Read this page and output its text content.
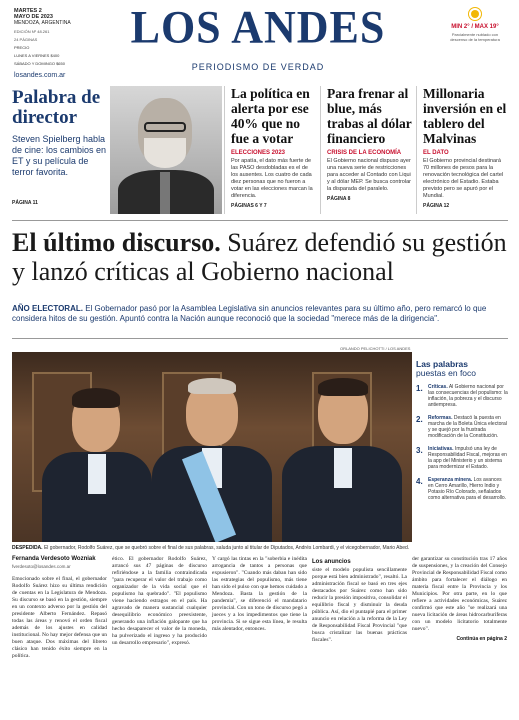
MARTES 2
MAYO DE 2023
MENDOZA, ARGENTINA
EDICIÓN Nº 48.261
24 PÁGINAS
PRECIO
LUNES A VIERNES $400
SÁBADO Y DOMINGO $650
LOS ANDES
PERIODISMO DE VERDAD
losandes.com.ar
MIN 2° / MAX 19°
Parcialmente nublado con descenso de la temperatura
Palabra de director
Steven Spielberg habla de cine: los cambios en ET y su película de terror favorita.
PÁGINA 11
La política en alerta por ese 40% que no fue a votar
ELECCIONES 2023
Por apatía, el dato más fuerte de las PASO desdobladas es el de los ausentes. Los cuatro de cada diez personas que no fueron a votar en las elecciones marcan la diferencia.
PÁGINAS 6 Y 7
Para frenar al blue, más trabas al dólar financiero
CRISIS DE LA ECONOMÍA
El Gobierno nacional dispuso ayer una nueva serie de restricciones para acceder al Contado con Liqui y al dólar MEP. Se busca controlar la disparada del paralelo.
PÁGINA 8
Millonaria inversión en el tablero del Malvinas
EL DATO
El Gobierno provincial destinará 70 millones de pesos para la renovación tecnológica del cartel electrónico del Estadio. Estaba previsto pero se apuró por el Mundial.
PÁGINA 12
El último discurso. Suárez defendió su gestión y lanzó críticas al Gobierno nacional
AÑO ELECTORAL. El Gobernador pasó por la Asamblea Legislativa sin anuncios relevantes para su último año, pero remarcó lo que considera hitos de su gestión. Apuntó contra la Nación aunque reconoció que la sociedad "merece más de la dirigencia".
ORLANDO PELICHOTTI / LOS ANDES
Las palabras
puestas en foco
1. Críticas. Al Gobierno nacional por las consecuencias del populismo: la inflación, la pobreza y el discurso antiempresa.
2. Reformas. Destacó la puesta en marcha de la Boleta Única electoral y se quejó por la frustrada modificación de la Constitución.
3. Iniciativas. Impulsó una ley de Responsabilidad Fiscal, mejoras en la app del Ministerio y un sistema para modernizar el Estado.
4. Esperanza minera. Los avances en Cerro Amarillo, Hierro Indio y Potasio Río Colorado, señalados como alternativa para el desarrollo.
DESPEDIDA. El gobernador, Rodolfo Suárez, que se quebró sobre el final de sus palabras, saluda junto al titular de Diputados, Andrés Lombardi, y el vicegobernador, Mario Abed.
Fernanda Verdesoto Wozniak
fverdesoto@losandes.com.ar
Emocionado sobre el final, el gobernador Rodolfo Suárez hizo su última rendición de cuentas en la Legislatura de Mendoza. Su discurso se basó en la gestión, siempre en un contexto adverso por la gestión del presidente Alberto Fernández. Repasó todas las áreas y renovó el orden fiscal además de los ajustes en calidad institucional. No hay mejor defensa que un buen ataque. Dos máximas del libreto clásico han tenido éxito siempre en la política.
ético. El gobernador Rodolfo Suárez, arrancó sus 47 páginas de discurso refiriéndose a la familia contraindicada "para recuperar el valor del trabajo como organizador de la vida social que el populismo ha quebrado". "El populismo viene haciendo estragos en el país. Ha agravado de manera sustancial cualquier desequilibrio económico preexistente, generando una inflación galopante que ha hecho desaparecer el valor de la moneda, ha pulverizado el ingreso y ha producido un desarrollo empresario", expresó.
Y cargó las tintas en la "soberbia e inédita arrogancia de tantos a personas que expusieron". "Cuando más daban han sido las estrategias del populismo, más tiene han sido el pulso con que hemos cuidado a Mendoza. Basta la gestión de la pandemia", se diferenció el mandatario provincial. Con un tono de discurso pegó a jueces y a los impedimentos que tiene la provincia. Si se sigue esta línea, le resulta más alentador, entonces.
Los anuncios
siste el modelo populista sencillamente porque está bien administrado", resaltó. La administración fiscal se basó en tres ejes destacados por Suárez como han sido reducir la presión impositiva, consolidar el equilibrio fiscal y disminuir la deuda pública. Así, dio el puntapié para el primer anuncio en relación a la reforma de la Ley de Responsabilidad Fiscal Provincial "que busca cristalizar las buenas prácticas fiscales".
der garantizar su constitución tras 17 años de suspensiones, y la creación del Consejo Provincial de Responsabilidad Fiscal como ámbito para fortalecer el diálogo en materia fiscal entre la Provincia y los Municipios. Por otra parte, en lo que refiere a actividades económicas, Suárez confirmó que este año "se realizará una nueva licitación de áreas hidrocarburíferas con un modelo licitatorio totalmente nuevo".
Continúa en página 2
